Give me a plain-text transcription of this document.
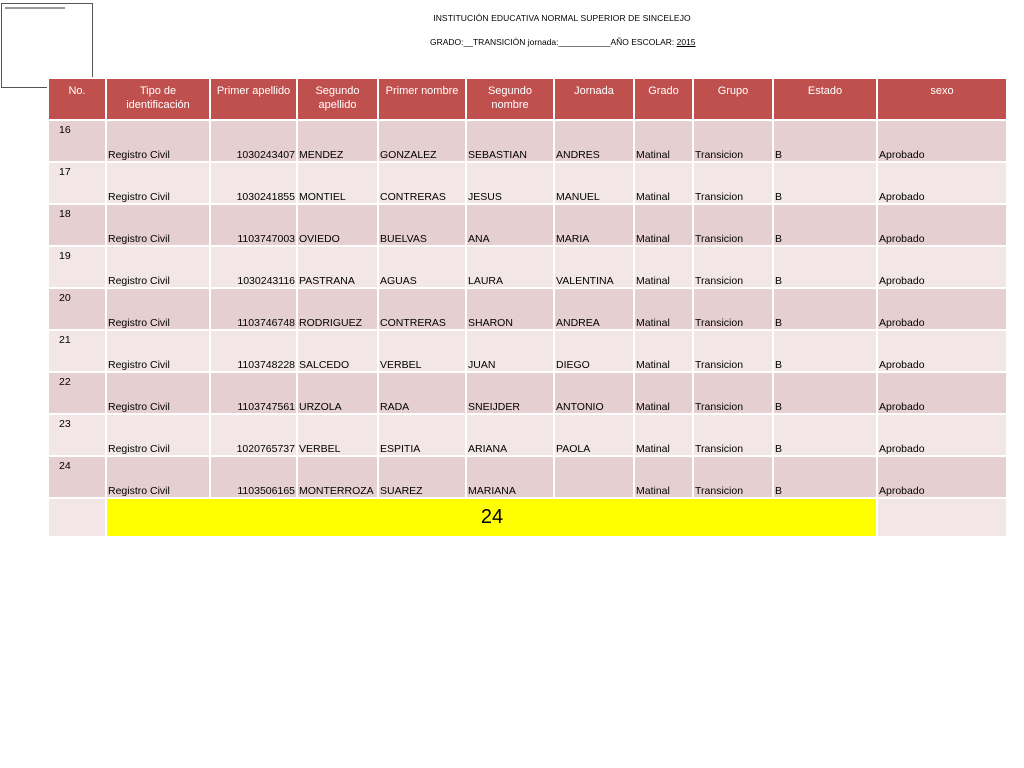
INSTITUCIÓN EDUCATIVA NORMAL SUPERIOR DE SINCELEJO
GRADO:__TRANSICIÓN jornada:___________AÑO ESCOLAR: 2015
No.	Tipo de identificación	Primer apellido	Segundo apellido	Primer nombre	Segundo nombre	Jornada	Grado	Grupo	Estado	sexo
16	Registro Civil	1030243407	MENDEZ	GONZALEZ	SEBASTIAN	ANDRES	Matinal	Transicion	B	Aprobado
17	Registro Civil	1030241855	MONTIEL	CONTRERAS	JESUS	MANUEL	Matinal	Transicion	B	Aprobado
18	Registro Civil	1103747003	OVIEDO	BUELVAS	ANA	MARIA	Matinal	Transicion	B	Aprobado
19	Registro Civil	1030243116	PASTRANA	AGUAS	LAURA	VALENTINA	Matinal	Transicion	B	Aprobado
20	Registro Civil	1103746748	RODRIGUEZ	CONTRERAS	SHARON	ANDREA	Matinal	Transicion	B	Aprobado
21	Registro Civil	1103748228	SALCEDO	VERBEL	JUAN	DIEGO	Matinal	Transicion	B	Aprobado
22	Registro Civil	1103747561	URZOLA	RADA	SNEIJDER	ANTONIO	Matinal	Transicion	B	Aprobado
23	Registro Civil	1020765737	VERBEL	ESPITIA	ARIANA	PAOLA	Matinal	Transicion	B	Aprobado
24	Registro Civil	1103506165	MONTERROZA	SUAREZ	MARIANA		Matinal	Transicion	B	Aprobado
	24									
